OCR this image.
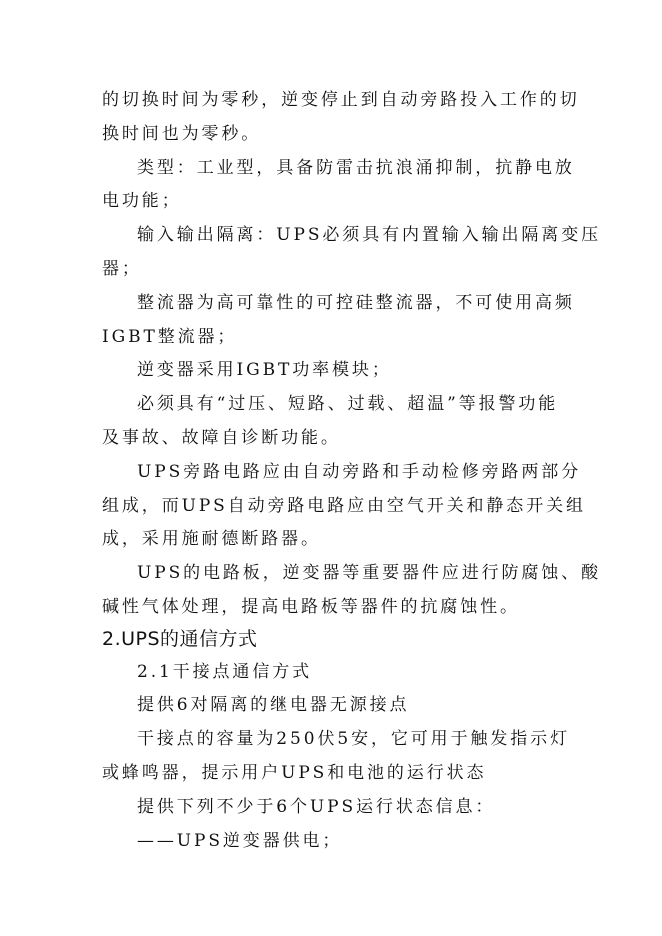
的切换时间为零秒，逆变停止到自动旁路投入工作的切
换时间也为零秒。
类型：工业型，具备防雷击抗浪涌抑制，抗静电放
电功能；
输入输出隔离：UPS必须具有内置输入输出隔离变压
器；
整流器为高可靠性的可控硅整流器，不可使用高频
IGBT整流器；
逆变器采用IGBT功率模块；
必须具有“过压、短路、过载、超温”等报警功能
及事故、故障自诊断功能。
UPS旁路电路应由自动旁路和手动检修旁路两部分
组成，而UPS自动旁路电路应由空气开关和静态开关组
成，采用施耐德断路器。
UPS的电路板，逆变器等重要器件应进行防腐蚀、酸
碱性气体处理，提高电路板等器件的抗腐蚀性。
2.UPS的通信方式
2.1干接点通信方式
提供6对隔离的继电器无源接点
干接点的容量为250伏5安，它可用于触发指示灯
或蜂鸣器，提示用户UPS和电池的运行状态
提供下列不少于6个UPS运行状态信息：
——UPS逆变器供电；
